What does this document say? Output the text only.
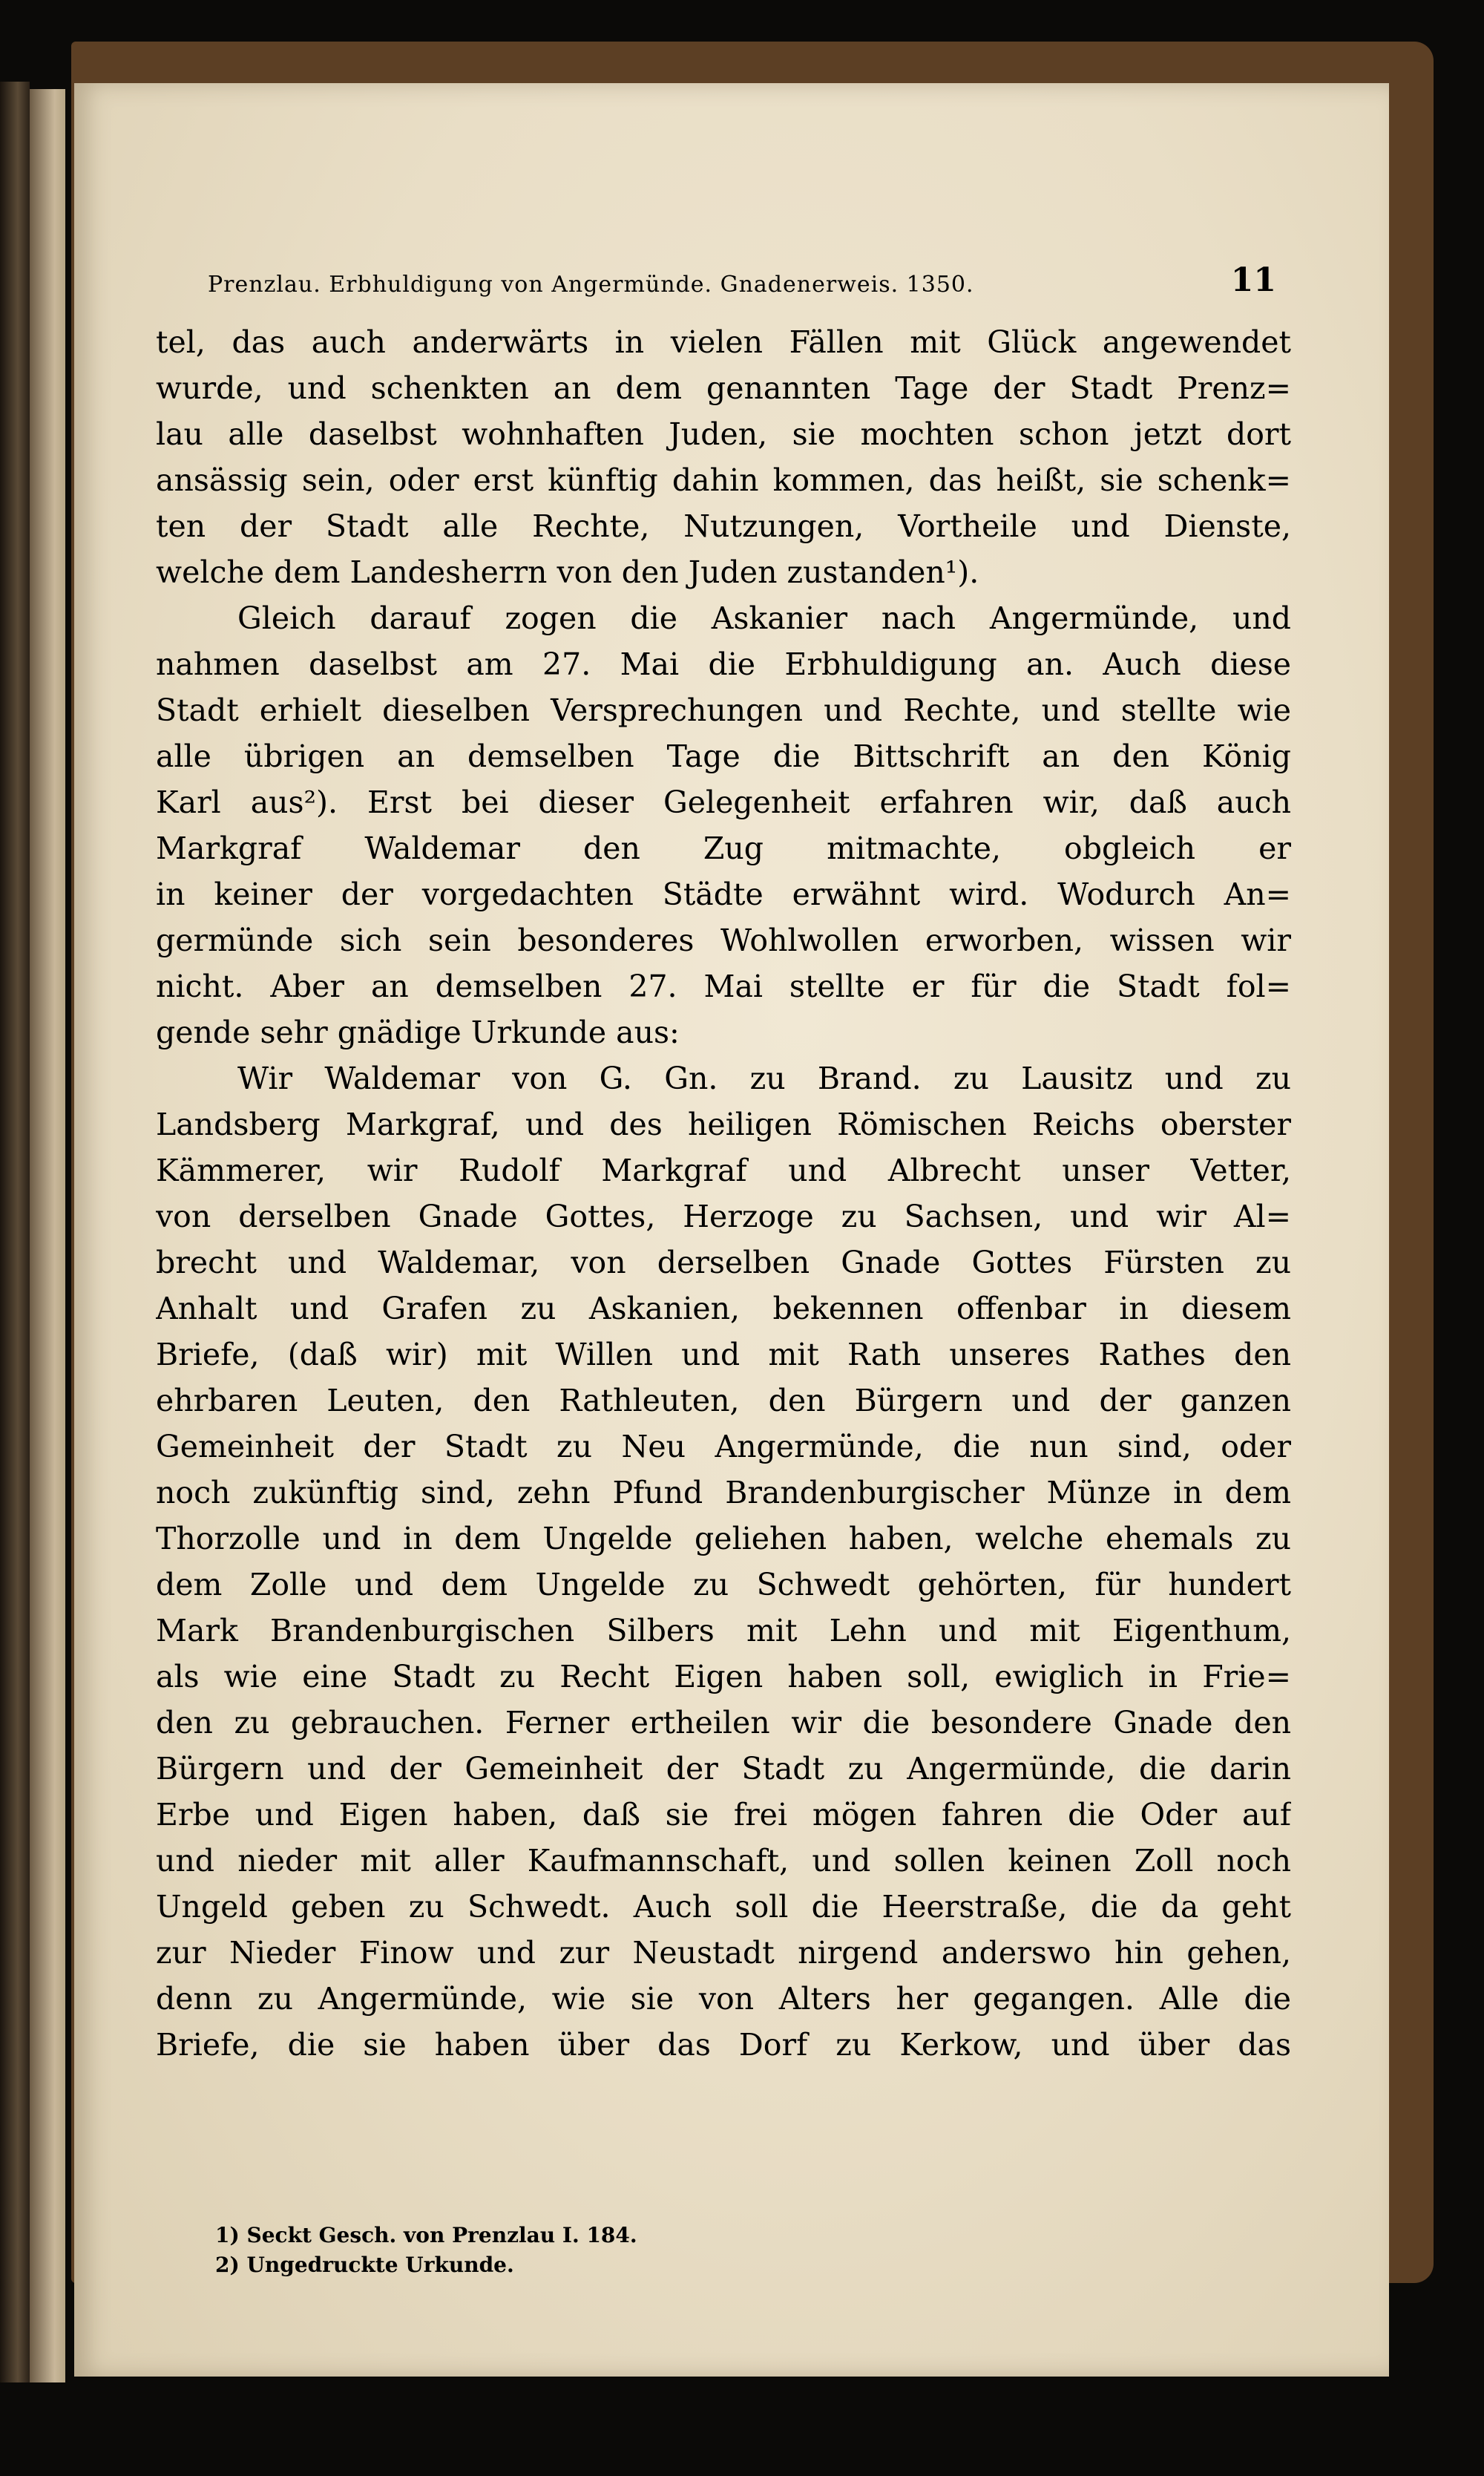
Prenzlau. Erbhuldigung von Angermünde. Gnadenerweis. 1350.	11
tel, das auch anderwärts in vielen Fällen mit Glück angewendet
wurde, und schenkten an dem genannten Tage der Stadt Prenz=
lau alle daselbst wohnhaften Juden, sie mochten schon jetzt dort
ansässig sein, oder erst künftig dahin kommen, das heißt, sie schenk=
ten der Stadt alle Rechte, Nutzungen, Vortheile und Dienste,
welche dem Landesherrn von den Juden zustanden¹).
Gleich darauf zogen die Askanier nach Angermünde, und
nahmen daselbst am 27. Mai die Erbhuldigung an. Auch diese
Stadt erhielt dieselben Versprechungen und Rechte, und stellte wie
alle übrigen an demselben Tage die Bittschrift an den König
Karl aus²). Erst bei dieser Gelegenheit erfahren wir, daß auch
Markgraf Waldemar den Zug mitmachte, obgleich er
in keiner der vorgedachten Städte erwähnt wird. Wodurch An=
germünde sich sein besonderes Wohlwollen erworben, wissen wir
nicht. Aber an demselben 27. Mai stellte er für die Stadt fol=
gende sehr gnädige Urkunde aus:
Wir Waldemar von G. Gn. zu Brand. zu Lausitz und zu
Landsberg Markgraf, und des heiligen Römischen Reichs oberster
Kämmerer, wir Rudolf Markgraf und Albrecht unser Vetter,
von derselben Gnade Gottes, Herzoge zu Sachsen, und wir Al=
brecht und Waldemar, von derselben Gnade Gottes Fürsten zu
Anhalt und Grafen zu Askanien, bekennen offenbar in diesem
Briefe, (daß wir) mit Willen und mit Rath unseres Rathes den
ehrbaren Leuten, den Rathleuten, den Bürgern und der ganzen
Gemeinheit der Stadt zu Neu Angermünde, die nun sind, oder
noch zukünftig sind, zehn Pfund Brandenburgischer Münze in dem
Thorzolle und in dem Ungelde geliehen haben, welche ehemals zu
dem Zolle und dem Ungelde zu Schwedt gehörten, für hundert
Mark Brandenburgischen Silbers mit Lehn und mit Eigenthum,
als wie eine Stadt zu Recht Eigen haben soll, ewiglich in Frie=
den zu gebrauchen. Ferner ertheilen wir die besondere Gnade den
Bürgern und der Gemeinheit der Stadt zu Angermünde, die darin
Erbe und Eigen haben, daß sie frei mögen fahren die Oder auf
und nieder mit aller Kaufmannschaft, und sollen keinen Zoll noch
Ungeld geben zu Schwedt. Auch soll die Heerstraße, die da geht
zur Nieder Finow und zur Neustadt nirgend anderswo hin gehen,
denn zu Angermünde, wie sie von Alters her gegangen. Alle die
Briefe, die sie haben über das Dorf zu Kerkow, und über das
1) Seckt Gesch. von Prenzlau I. 184.
2) Ungedruckte Urkunde.
